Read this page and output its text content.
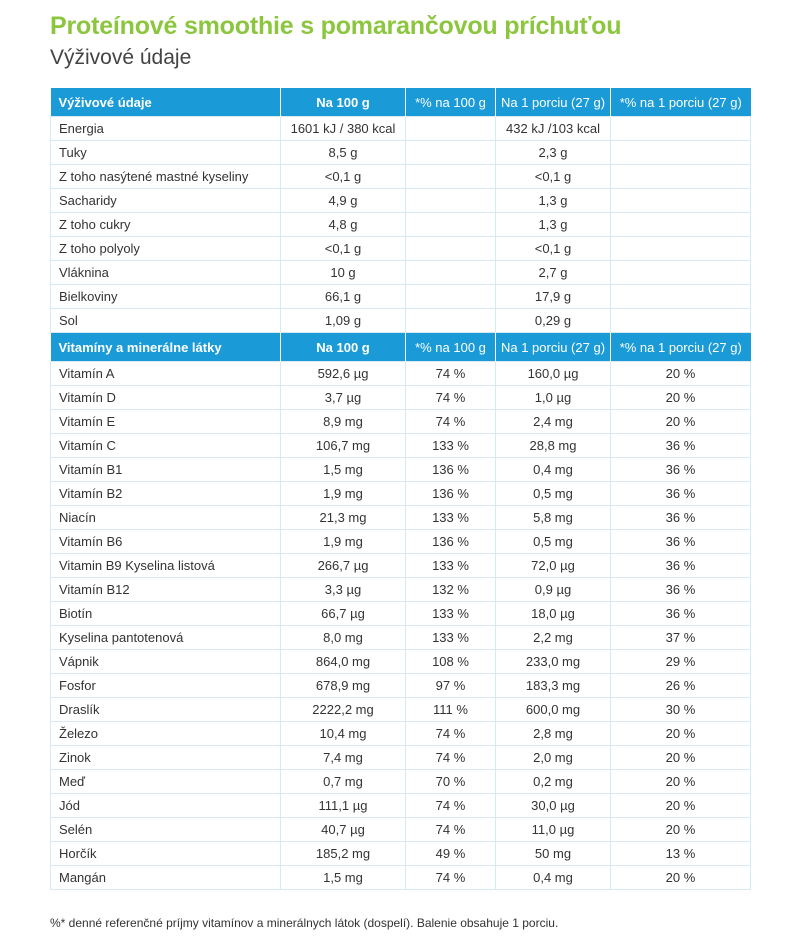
Proteínové smoothie s pomarančovou príchuťou
Výživové údaje
Výživové údaje	Na 100 g	*% na 100 g	Na 1 porciu (27 g)	*% na 1 porciu (27 g)
Energia	1601 kJ / 380 kcal		432 kJ /103 kcal	
Tuky	8,5 g		2,3 g	
Z toho nasýtené mastné kyseliny	<0,1 g		<0,1 g	
Sacharidy	4,9 g		1,3 g	
Z toho cukry	4,8 g		1,3 g	
Z toho polyoly	<0,1 g		<0,1 g	
Vláknina	10 g		2,7 g	
Bielkoviny	66,1 g		17,9 g	
Sol	1,09 g		0,29 g	
Vitamíny a minerálne látky	Na 100 g	*% na 100 g	Na 1 porciu (27 g)	*% na 1 porciu (27 g)
Vitamín A	592,6 µg	74 %	160,0 µg	20 %
Vitamín D	3,7 µg	74 %	1,0 µg	20 %
Vitamín E	8,9 mg	74 %	2,4 mg	20 %
Vitamín C	106,7 mg	133 %	28,8 mg	36 %
Vitamín B1	1,5 mg	136 %	0,4 mg	36 %
Vitamín B2	1,9 mg	136 %	0,5 mg	36 %
Niacín	21,3 mg	133 %	5,8 mg	36 %
Vitamín B6	1,9 mg	136 %	0,5 mg	36 %
Vitamin B9 Kyselina listová	266,7 µg	133 %	72,0 µg	36 %
Vitamín B12	3,3 µg	132 %	0,9 µg	36 %
Biotín	66,7 µg	133 %	18,0 µg	36 %
Kyselina pantotenová	8,0 mg	133 %	2,2 mg	37 %
Vápnik	864,0 mg	108 %	233,0 mg	29 %
Fosfor	678,9 mg	97 %	183,3 mg	26 %
Draslík	2222,2 mg	111 %	600,0 mg	30 %
Železo	10,4 mg	74 %	2,8 mg	20 %
Zinok	7,4 mg	74 %	2,0 mg	20 %
Meď	0,7 mg	70 %	0,2 mg	20 %
Jód	111,1 µg	74 %	30,0 µg	20 %
Selén	40,7 µg	74 %	11,0 µg	20 %
Horčík	185,2 mg	49 %	50 mg	13 %
Mangán	1,5 mg	74 %	0,4 mg	20 %
%* denné referenčné príjmy vitamínov a minerálnych látok (dospelí). Balenie obsahuje 1 porciu.
